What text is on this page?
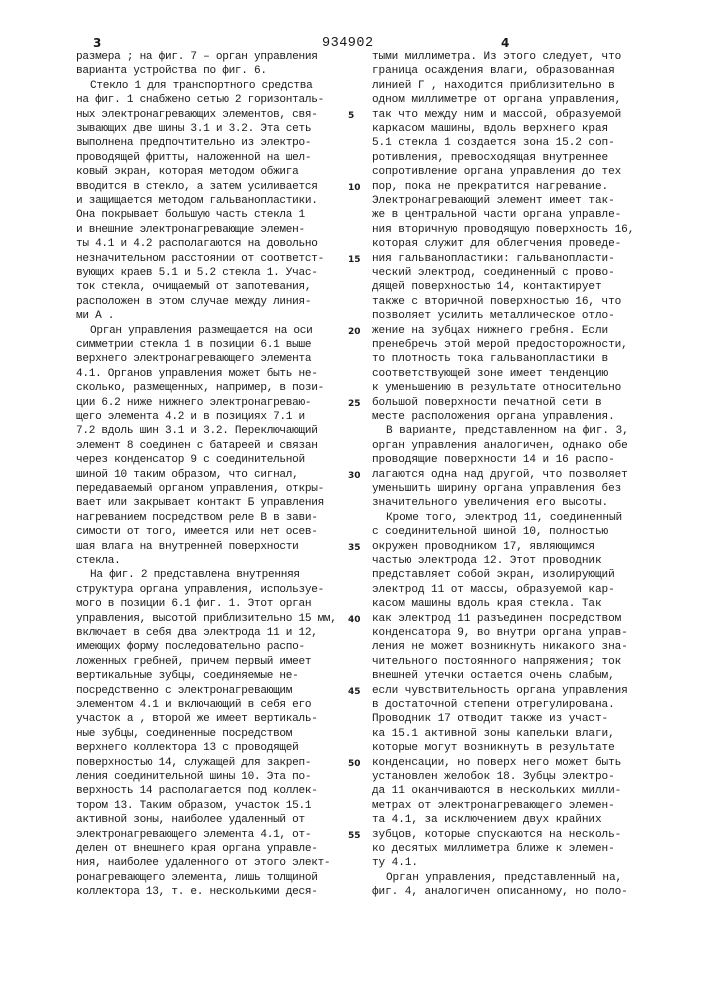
3	934902	4
размера ; на фиг. 7 – орган управления
варианта устройства по фиг. 6.
Стекло 1 для транспортного средства
на фиг. 1 снабжено сетью 2 горизонталь-
ных электронагревающих элементов, свя-
зывающих две шины 3.1 и 3.2. Эта сеть
выполнена предпочтительно из электро-
проводящей фритты, наложенной на шел-
ковый экран, которая методом обжига
вводится в стекло, а затем усиливается
и защищается методом гальванопластики.
Она покрывает большую часть стекла 1
и внешние электронагревающие элемен-
ты 4.1 и 4.2 располагаются на довольно
незначительном расстоянии от соответст-
вующих краев 5.1 и 5.2 стекла 1. Учас-
ток стекла, очищаемый от запотевания,
расположен в этом случае между линия-
ми А .
Орган управления размещается на оси
симметрии стекла 1 в позиции 6.1 выше
верхнего электронагревающего элемента
4.1. Органов управления может быть не-
сколько, размещенных, например, в пози-
ции 6.2 ниже нижнего электронагреваю-
щего элемента 4.2 и в позициях 7.1 и
7.2 вдоль шин 3.1 и 3.2. Переключающий
элемент 8 соединен с батареей и связан
через конденсатор 9 с соединительной
шиной 10 таким образом, что сигнал,
передаваемый органом управления, откры-
вает или закрывает контакт Б управления
нагреванием посредством реле В в зави-
симости от того, имеется или нет осев-
шая влага на внутренней поверхности
стекла.
На фиг. 2 представлена внутренняя
структура органа управления, используе-
мого в позиции 6.1 фиг. 1. Этот орган
управления, высотой приблизительно 15 мм,
включает в себя два электрода 11 и 12,
имеющих форму последовательно распо-
ложенных гребней, причем первый имеет
вертикальные зубцы, соединяемые не-
посредственно с электронагревающим
элементом 4.1 и включающий в себя его
участок а , второй же имеет вертикаль-
ные зубцы, соединенные посредством
верхнего коллектора 13 с проводящей
поверхностью 14, служащей для закреп-
ления соединительной шины 10. Эта по-
верхность 14 располагается под коллек-
тором 13. Таким образом, участок 15.1
активной зоны, наиболее удаленный от
электронагревающего элемента 4.1, от-
делен от внешнего края органа управле-
ния, наиболее удаленного от этого элект-
ронагревающего элемента, лишь толщиной
коллектора 13, т. е. несколькими деся-
тыми миллиметра. Из этого следует, что
граница осаждения влаги, образованная
линией Г , находится приблизительно в
одном миллиметре от органа управления,
так что между ним и массой, образуемой
каркасом машины, вдоль верхнего края
5.1 стекла 1 создается зона 15.2 соп-
ротивления, превосходящая внутреннее
сопротивление органа управления до тех
пор, пока не прекратится нагревание.
Электронагревающий элемент имеет так-
же в центральной части органа управле-
ния вторичную проводящую поверхность 16,
которая служит для облегчения проведе-
ния гальванопластики: гальванопласти-
ческий электрод, соединенный с прово-
дящей поверхностью 14, контактирует
также с вторичной поверхностью 16, что
позволяет усилить металлическое отло-
жение на зубцах нижнего гребня. Если
пренебречь этой мерой предосторожности,
то плотность тока гальванопластики в
соответствующей зоне имеет тенденцию
к уменьшению в результате относительно
большой поверхности печатной сети в
месте расположения органа управления.
В варианте, представленном на фиг. 3,
орган управления аналогичен, однако обе
проводящие поверхности 14 и 16 распо-
лагаются одна над другой, что позволяет
уменьшить ширину органа управления без
значительного увеличения его высоты.
Кроме того, электрод 11, соединенный
с соединительной шиной 10, полностью
окружен проводником 17, являющимся
частью электрода 12. Этот проводник
представляет собой экран, изолирующий
электрод 11 от массы, образуемой кар-
касом машины вдоль края стекла. Так
как электрод 11 разъединен посредством
конденсатора 9, во внутри органа управ-
ления не может возникнуть никакого зна-
чительного постоянного напряжения; ток
внешней утечки остается очень слабым,
если чувствительность органа управления
в достаточной степени отрегулирована.
Проводник 17 отводит также из участ-
ка 15.1 активной зоны капельки влаги,
которые могут возникнуть в результате
конденсации, но поверх него может быть
установлен желобок 18. Зубцы электро-
да 11 оканчиваются в нескольких милли-
метрах от электронагревающего элемен-
та 4.1, за исключением двух крайних
зубцов, которые спускаются на несколь-
ко десятых миллиметра ближе к элемен-
ту 4.1.
Орган управления, представленный на,
фиг. 4, аналогичен описанному, но поло-
5
10
15
20
25
30
35
40
45
50
55
